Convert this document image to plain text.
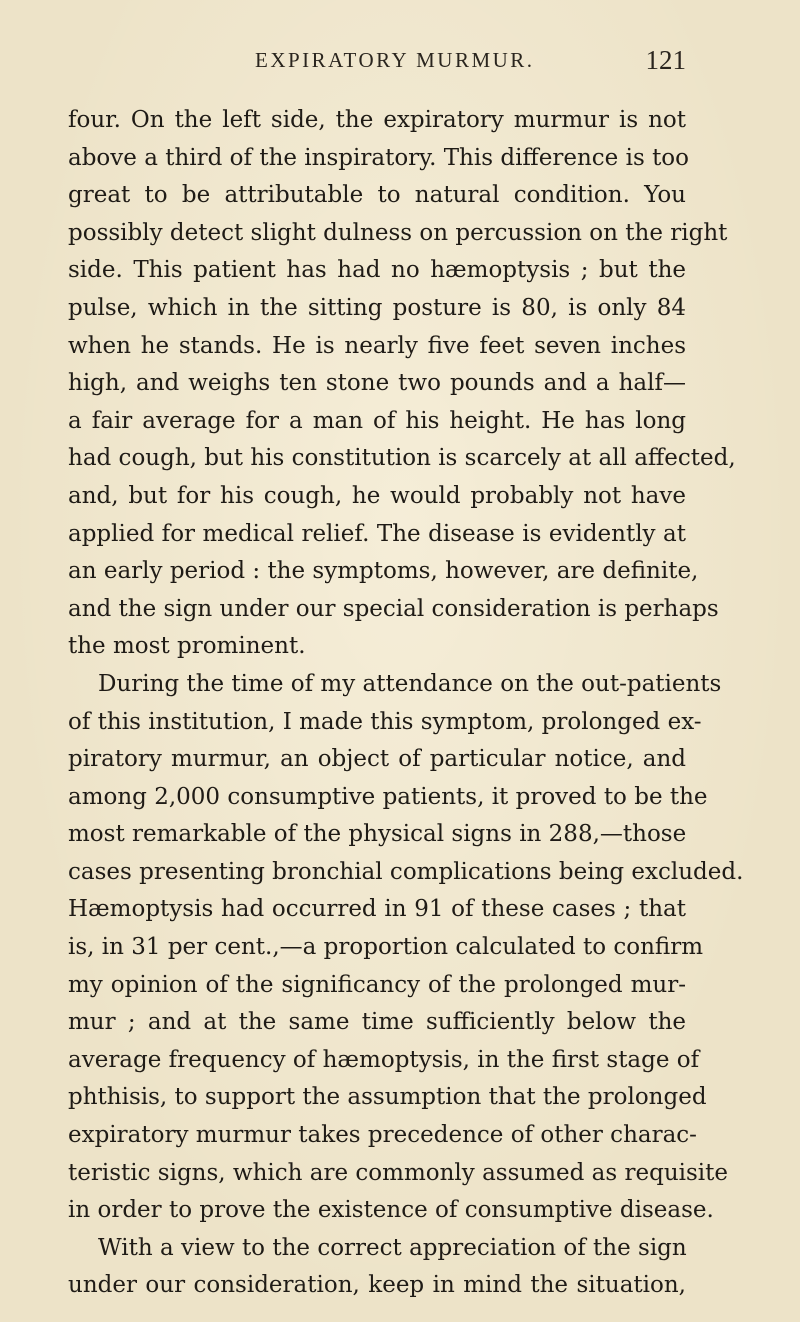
EXPIRATORY MURMUR.	121
four. On the left side, the expiratory murmur is not
above a third of the inspiratory. This difference is too
great to be attributable to natural condition. You
possibly detect slight dulness on percussion on the right
side. This patient has had no hæmoptysis ; but the
pulse, which in the sitting posture is 80, is only 84
when he stands. He is nearly five feet seven inches
high, and weighs ten stone two pounds and a half—
a fair average for a man of his height. He has long
had cough, but his constitution is scarcely at all affected,
and, but for his cough, he would probably not have
applied for medical relief. The disease is evidently at
an early period : the symptoms, however, are definite,
and the sign under our special consideration is perhaps
the most prominent.
During the time of my attendance on the out-patients
of this institution, I made this symptom, prolonged ex-
piratory murmur, an object of particular notice, and
among 2,000 consumptive patients, it proved to be the
most remarkable of the physical signs in 288,—those
cases presenting bronchial complications being excluded.
Hæmoptysis had occurred in 91 of these cases ; that
is, in 31 per cent.,—a proportion calculated to confirm
my opinion of the significancy of the prolonged mur-
mur ; and at the same time sufficiently below the
average frequency of hæmoptysis, in the first stage of
phthisis, to support the assumption that the prolonged
expiratory murmur takes precedence of other charac-
teristic signs, which are commonly assumed as requisite
in order to prove the existence of consumptive disease.
With a view to the correct appreciation of the sign
under our consideration, keep in mind the situation,
